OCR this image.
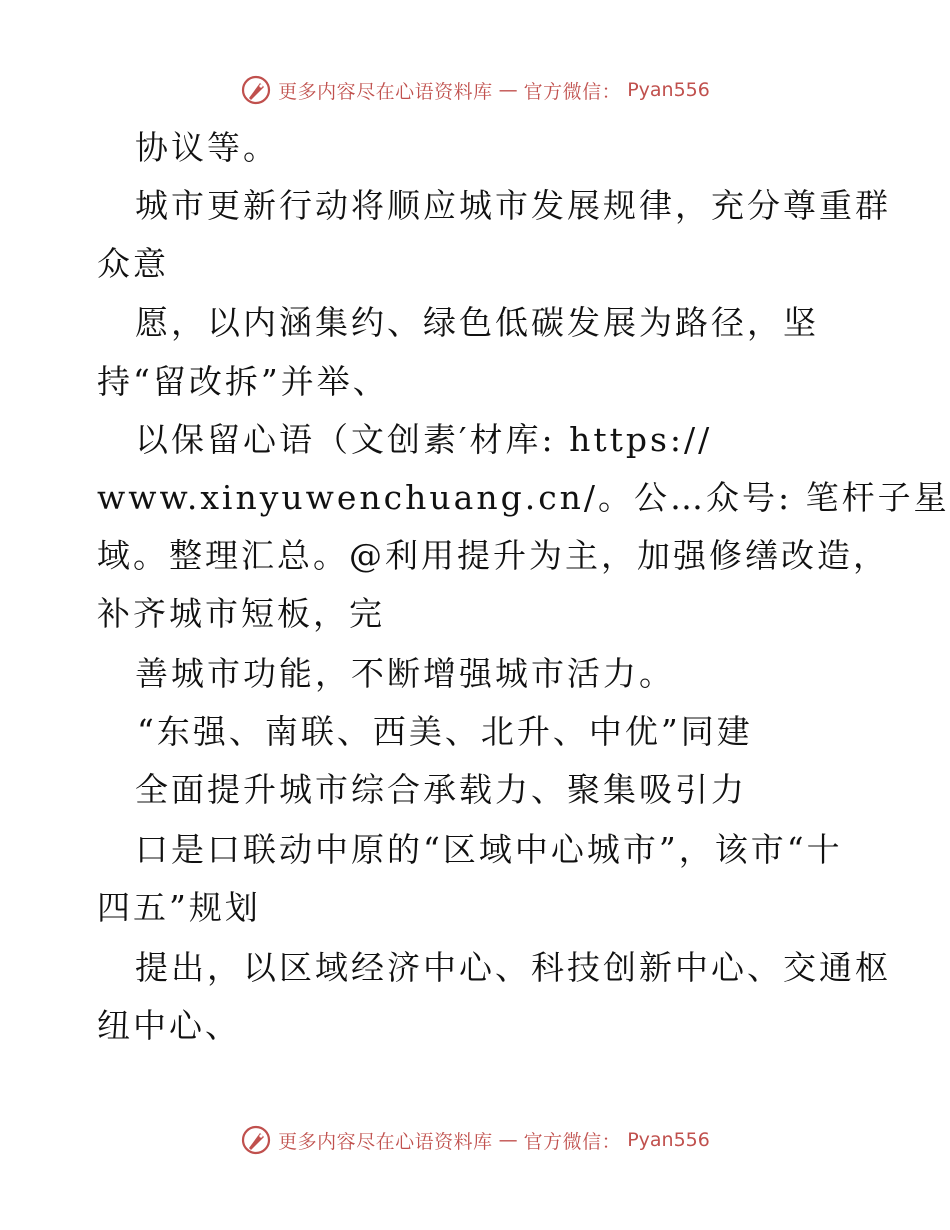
更多内容尽在心语资料库 — 官方微信： Pyan556
协议等。
城市更新行动将顺应城市发展规律，充分尊重群
众意
愿，以内涵集约、绿色低碳发展为路径，坚
持“留改拆”并举、
以保留心语（文创素′材库: https://
www.xinyuwenchuang.cn/。公…众号: 笔杆子星
域。整理汇总。@利用提升为主，加强修缮改造，
补齐城市短板，完
善城市功能，不断增强城市活力。
“东强、南联、西美、北升、中优”同建
全面提升城市综合承载力、聚集吸引力
口是口联动中原的“区域中心城市”，该市“十
四五”规划
提出，以区域经济中心、科技创新中心、交通枢
纽中心、
更多内容尽在心语资料库 — 官方微信： Pyan556
